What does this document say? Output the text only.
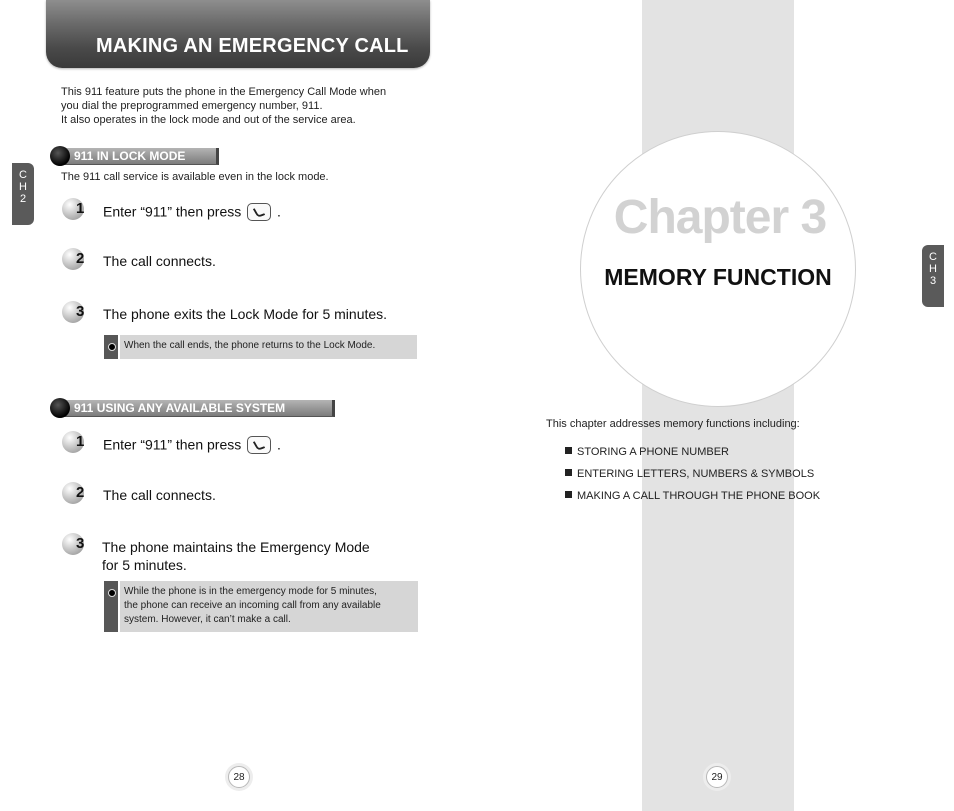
MAKING AN EMERGENCY CALL
This 911 feature puts the phone in the Emergency Call Mode when
you dial the preprogrammed emergency number, 911.
It also operates in the lock mode and out of the service area.
C
H
2
911 IN LOCK MODE
The 911 call service is available even in the lock mode.
1 Enter “911” then press	.
2 The call connects.
3 The phone exits the Lock Mode for 5 minutes.
When the call ends, the phone returns to the Lock Mode.
911 USING ANY AVAILABLE SYSTEM
1 Enter “911” then press	.
2 The call connects.
3 The phone maintains the Emergency Mode
for 5 minutes.
While the phone is in the emergency mode for 5 minutes,
the phone can receive an incoming call from any available
system. However, it can’t make a call.
28
Chapter 3
MEMORY FUNCTION
C
H
3
This chapter addresses memory functions including:
STORING A PHONE NUMBER
ENTERING LETTERS, NUMBERS & SYMBOLS
MAKING A CALL THROUGH THE PHONE BOOK
29
